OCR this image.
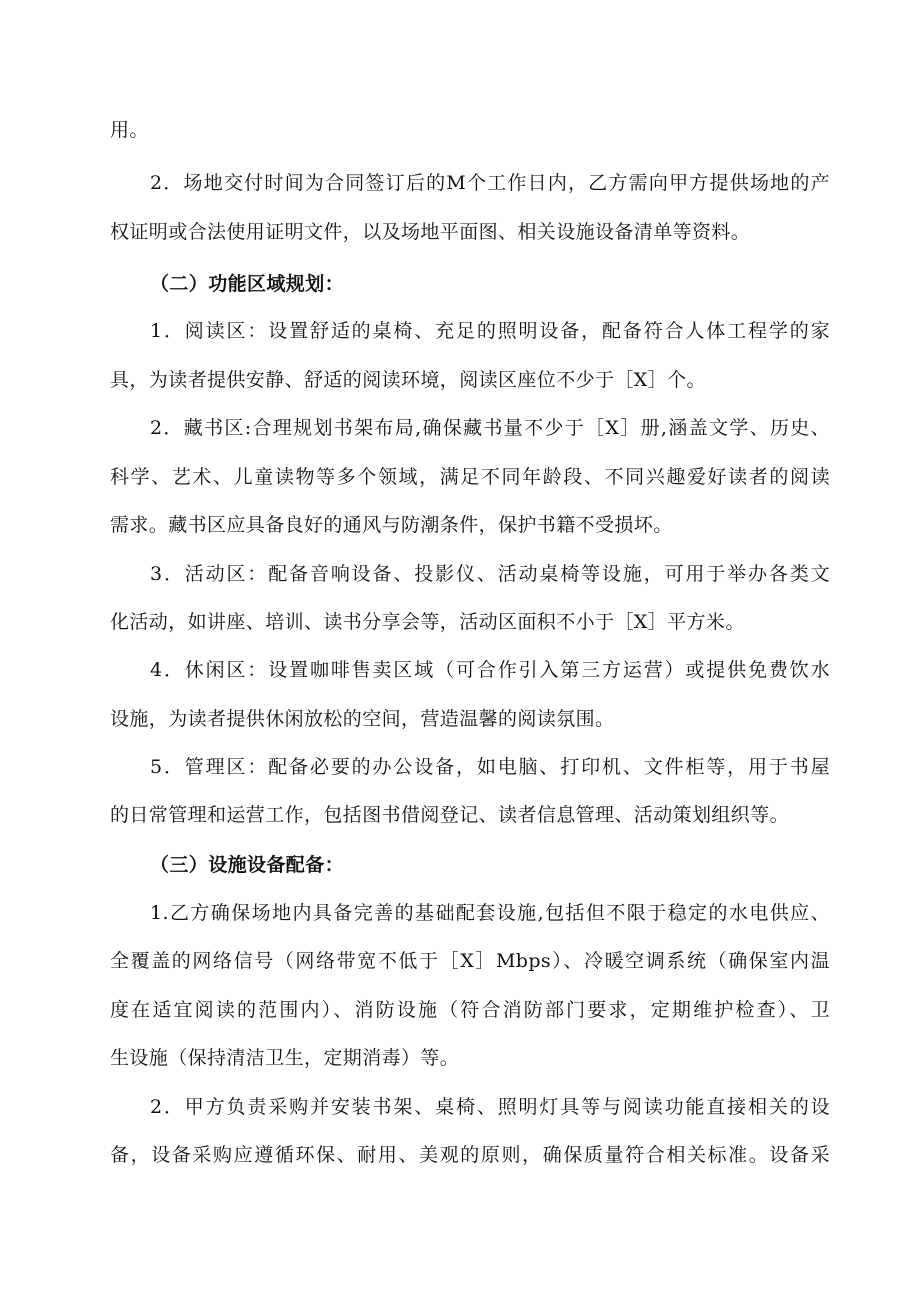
用。
2．场地交付时间为合同签订后的M个工作日内，乙方需向甲方提供场地的产
权证明或合法使用证明文件，以及场地平面图、相关设施设备清单等资料。
（二）功能区域规划：
1．阅读区：设置舒适的桌椅、充足的照明设备，配备符合人体工程学的家
具，为读者提供安静、舒适的阅读环境，阅读区座位不少于［X］个。
2．藏书区:合理规划书架布局,确保藏书量不少于［X］册,涵盖文学、历史、
科学、艺术、儿童读物等多个领域，满足不同年龄段、不同兴趣爱好读者的阅读
需求。藏书区应具备良好的通风与防潮条件，保护书籍不受损坏。
3．活动区：配备音响设备、投影仪、活动桌椅等设施，可用于举办各类文
化活动，如讲座、培训、读书分享会等，活动区面积不小于［X］平方米。
4．休闲区：设置咖啡售卖区域（可合作引入第三方运营）或提供免费饮水
设施，为读者提供休闲放松的空间，营造温馨的阅读氛围。
5．管理区：配备必要的办公设备，如电脑、打印机、文件柜等，用于书屋
的日常管理和运营工作，包括图书借阅登记、读者信息管理、活动策划组织等。
（三）设施设备配备：
1.乙方确保场地内具备完善的基础配套设施,包括但不限于稳定的水电供应、
全覆盖的网络信号（网络带宽不低于［X］Mbps）、冷暖空调系统（确保室内温
度在适宜阅读的范围内）、消防设施（符合消防部门要求，定期维护检查）、卫
生设施（保持清洁卫生，定期消毒）等。
2．甲方负责采购并安装书架、桌椅、照明灯具等与阅读功能直接相关的设
备，设备采购应遵循环保、耐用、美观的原则，确保质量符合相关标准。设备采
